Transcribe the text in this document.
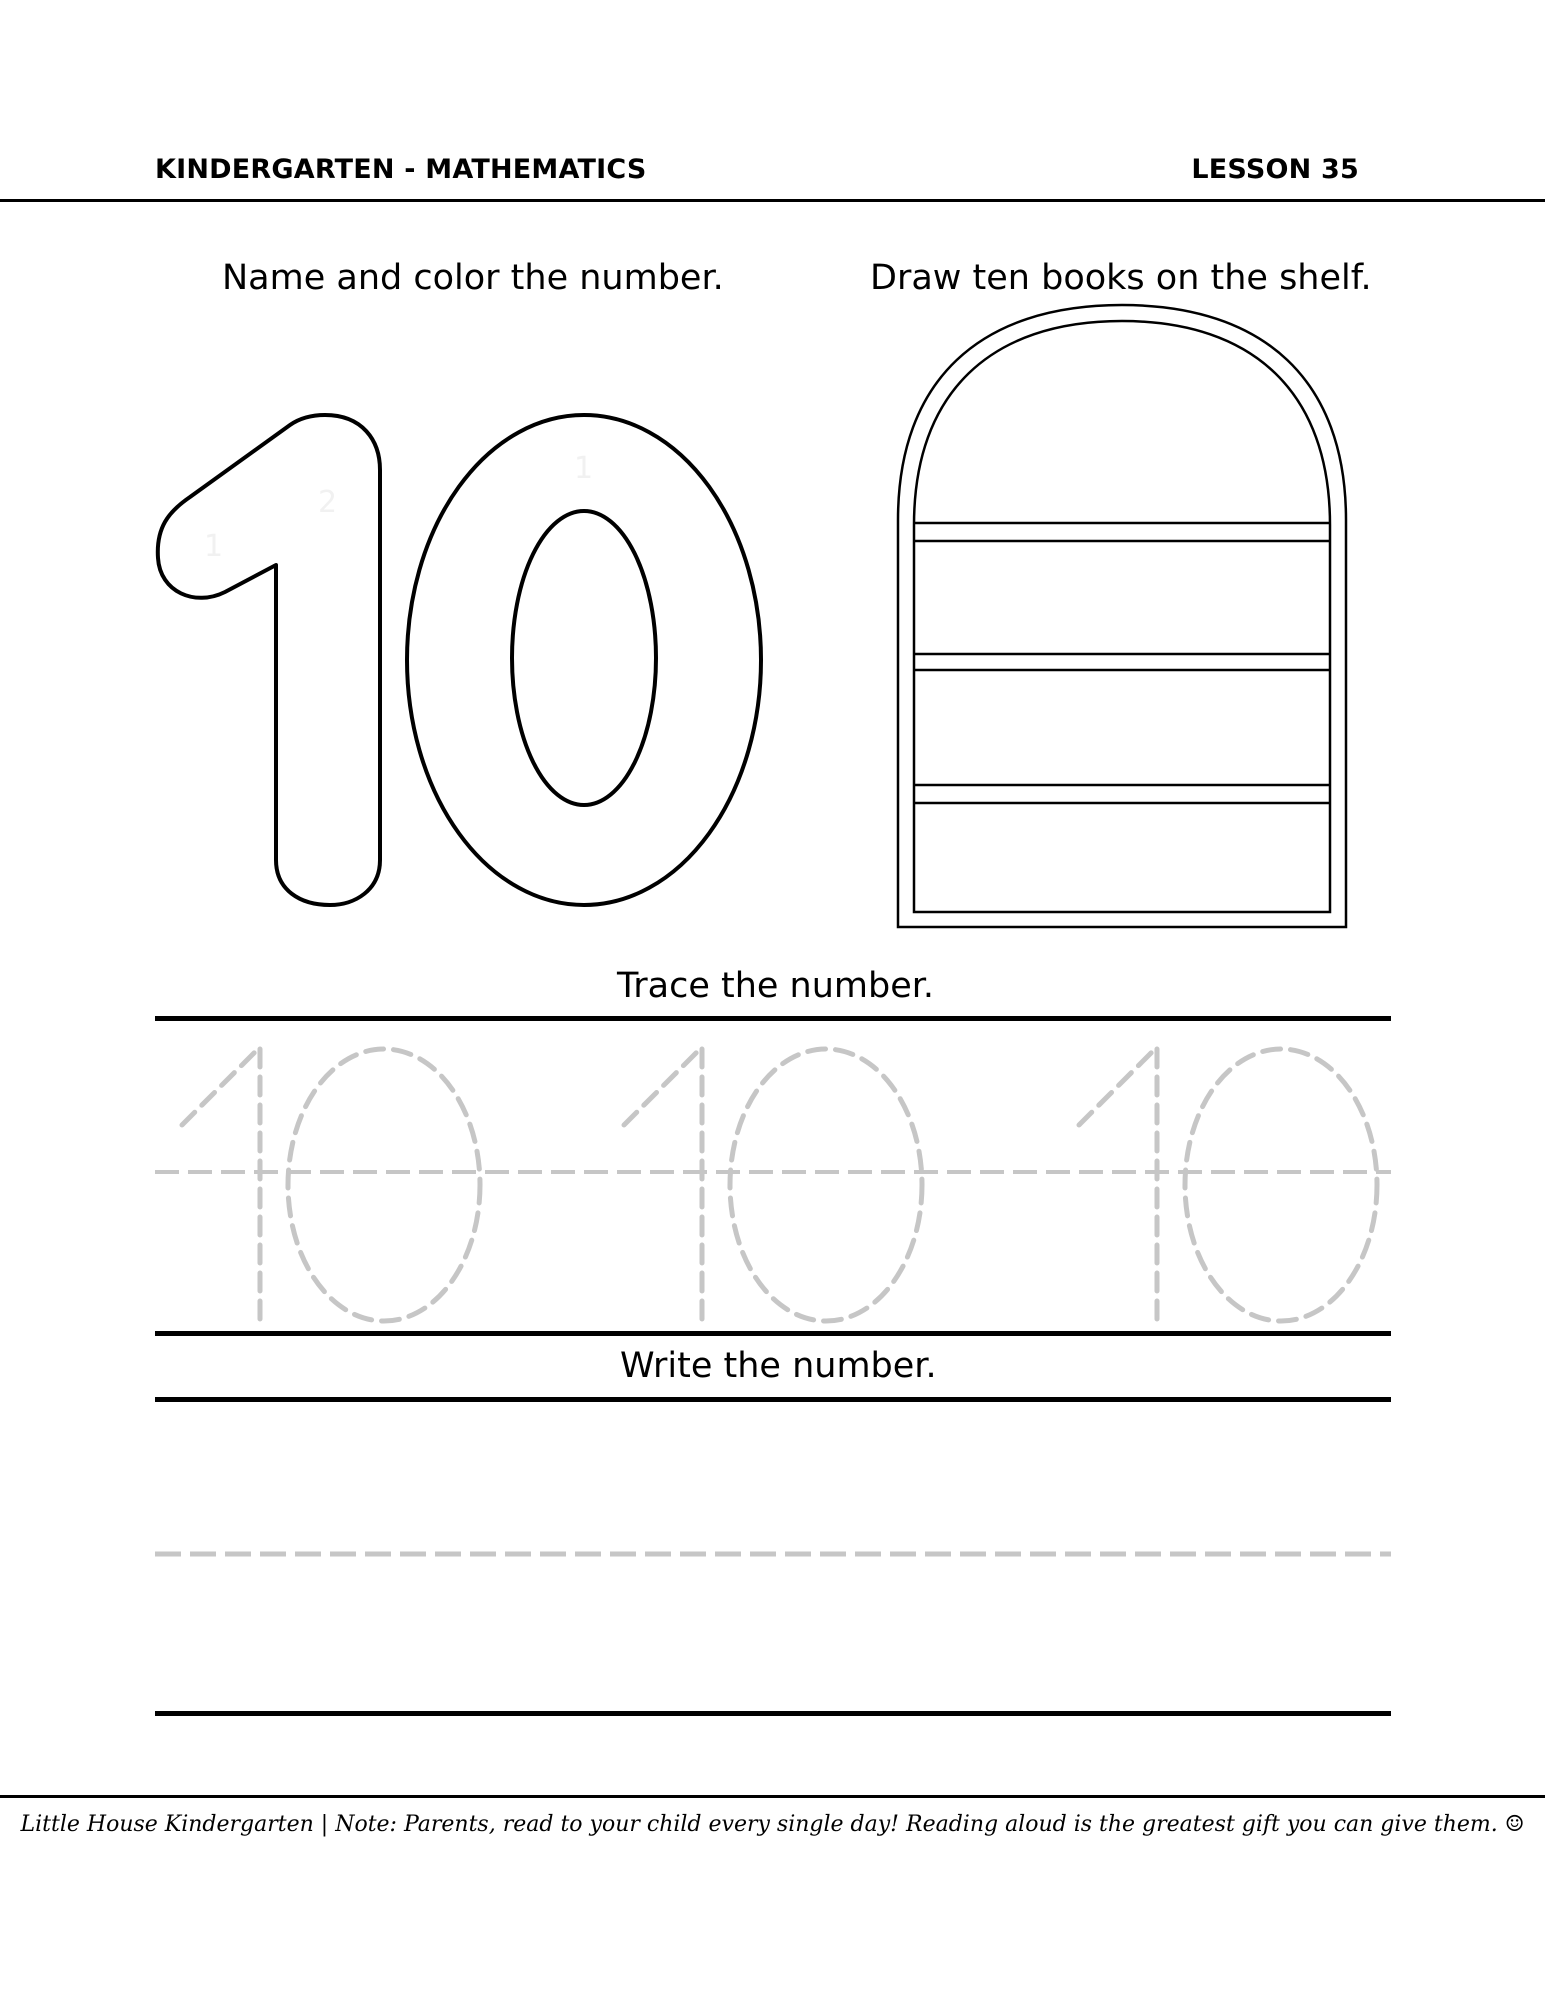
KINDERGARTEN - MATHEMATICS	LESSON 35
Name and color the number.	Draw ten books on the shelf.
1
2
1
Trace the number.
Write the number.
Little House Kindergarten | Note: Parents, read to your child every single day! Reading aloud is the greatest gift you can give them. ☺
